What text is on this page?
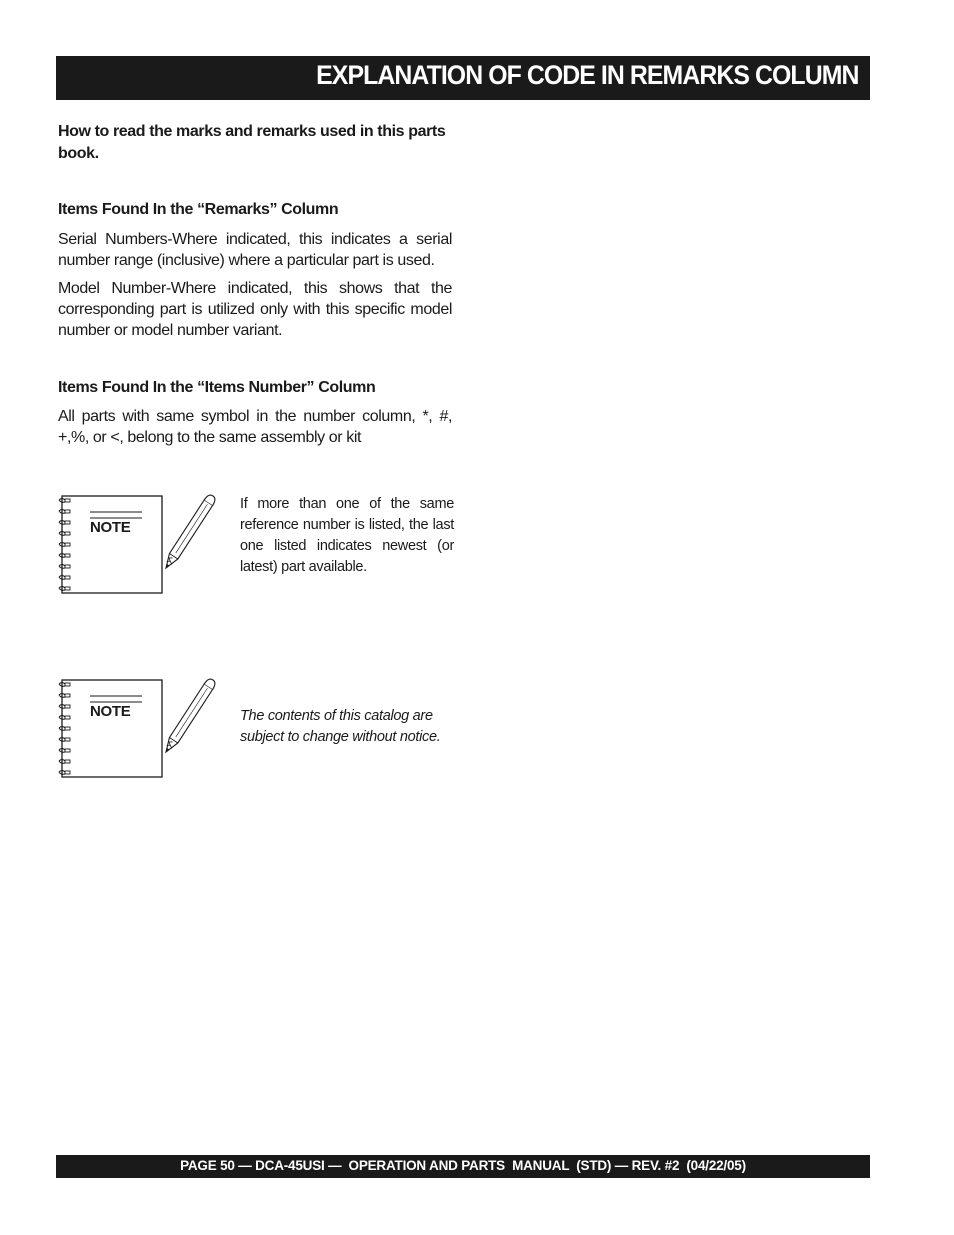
EXPLANATION OF CODE IN REMARKS COLUMN
How to read the marks and remarks used in this parts book.
Items Found In the “Remarks” Column
Serial Numbers-Where indicated, this indicates a serial number range (inclusive) where a particular part is used.
Model Number-Where indicated, this shows that the corresponding part is utilized only with this specific model number or model number variant.
Items Found In the “Items Number” Column
All parts with same symbol in the number column, *, #, +,%, or <, belong to the same assembly or kit
NOTE
If more than one of the same reference number is listed, the last one listed indicates newest (or latest) part available.
NOTE	The contents of this catalog are subject to change without notice.
PAGE 50 — DCA-45USI —  OPERATION AND PARTS  MANUAL  (STD) — REV. #2  (04/22/05)
